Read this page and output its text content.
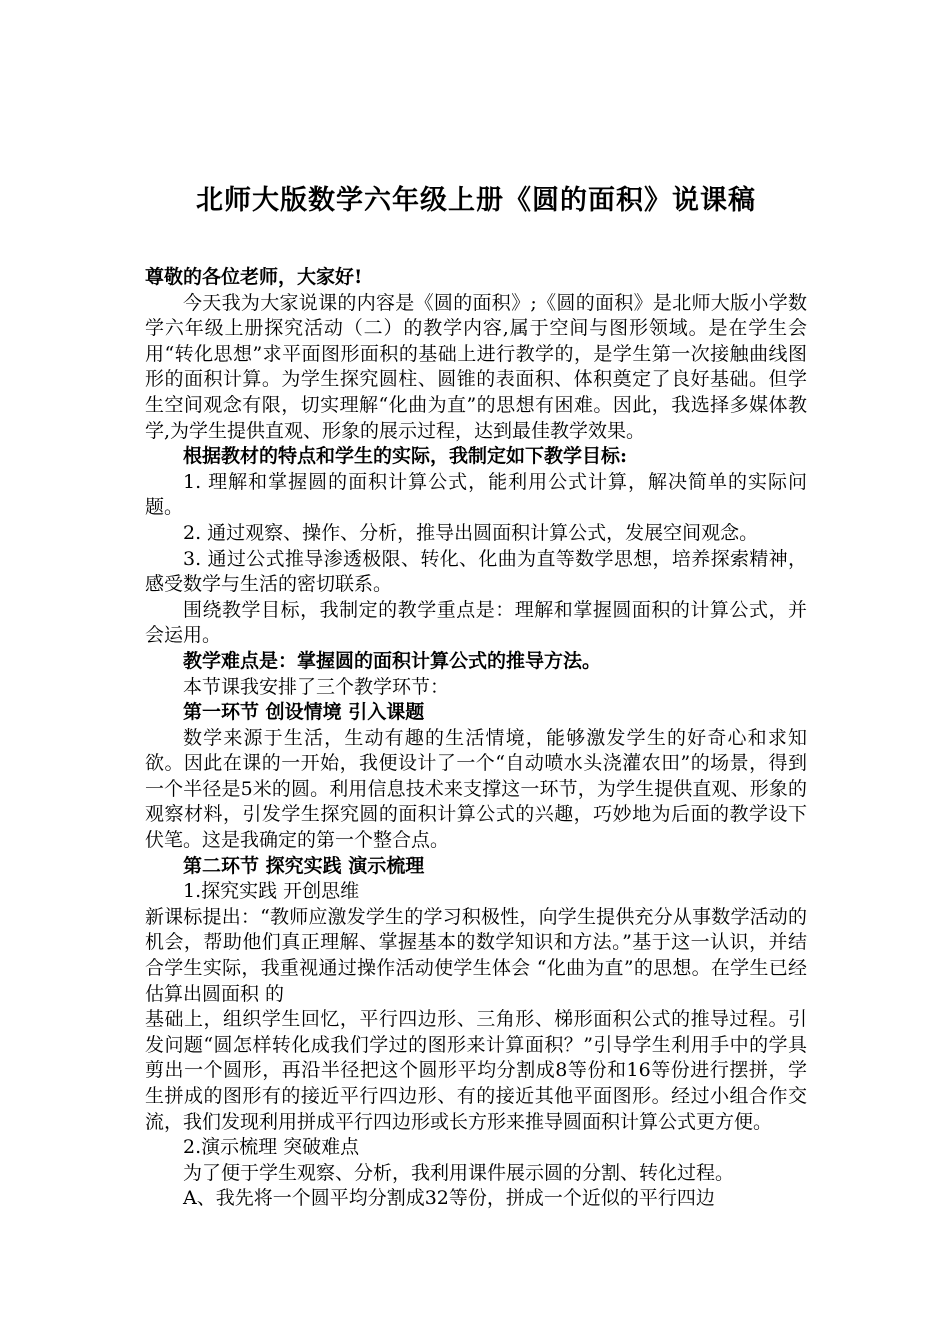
北师大版数学六年级上册《圆的面积》说课稿

尊敬的各位老师，大家好!

今天我为大家说课的内容是《圆的面积》;《圆的面积》是北师大版小学数学六年级上册探究活动（二）的教学内容,属于空间与图形领域。是在学生会用“转化思想”求平面图形面积的基础上进行教学的，是学生第一次接触曲线图形的面积计算。为学生探究圆柱、圆锥的表面积、体积奠定了良好基础。但学生空间观念有限，切实理解“化曲为直”的思想有困难。因此，我选择多媒体教学,为学生提供直观、形象的展示过程，达到最佳教学效果。

根据教材的特点和学生的实际，我制定如下教学目标:

1. 理解和掌握圆的面积计算公式，能利用公式计算，解决简单的实际问题。

2. 通过观察、操作、分析，推导出圆面积计算公式，发展空间观念。

3. 通过公式推导渗透极限、转化、化曲为直等数学思想，培养探索精神，感受数学与生活的密切联系。

围绕教学目标，我制定的教学重点是：理解和掌握圆面积的计算公式，并会运用。

教学难点是：掌握圆的面积计算公式的推导方法。

本节课我安排了三个教学环节：

第一环节 创设情境 引入课题

数学来源于生活，生动有趣的生活情境，能够激发学生的好奇心和求知欲。因此在课的一开始，我便设计了一个“自动喷水头浇灌农田”的场景，得到一个半径是5米的圆。利用信息技术来支撑这一环节，为学生提供直观、形象的观察材料，引发学生探究圆的面积计算公式的兴趣，巧妙地为后面的教学设下伏笔。这是我确定的第一个整合点。

第二环节 探究实践 演示梳理

1.探究实践 开创思维

新课标提出：“教师应激发学生的学习积极性，向学生提供充分从事数学活动的机会，帮助他们真正理解、掌握基本的数学知识和方法。”基于这一认识，并结合学生实际，我重视通过操作活动使学生体会 “化曲为直”的思想。在学生已经估算出圆面积 的

基础上，组织学生回忆，平行四边形、三角形、梯形面积公式的推导过程。引发问题“圆怎样转化成我们学过的图形来计算面积？”引导学生利用手中的学具剪出一个圆形，再沿半径把这个圆形平均分割成8等份和16等份进行摆拼，学生拼成的图形有的接近平行四边形、有的接近其他平面图形。经过小组合作交流，我们发现利用拼成平行四边形或长方形来推导圆面积计算公式更方便。

2.演示梳理 突破难点

为了便于学生观察、分析，我利用课件展示圆的分割、转化过程。

A、我先将一个圆平均分割成32等份，拼成一个近似的平行四边
